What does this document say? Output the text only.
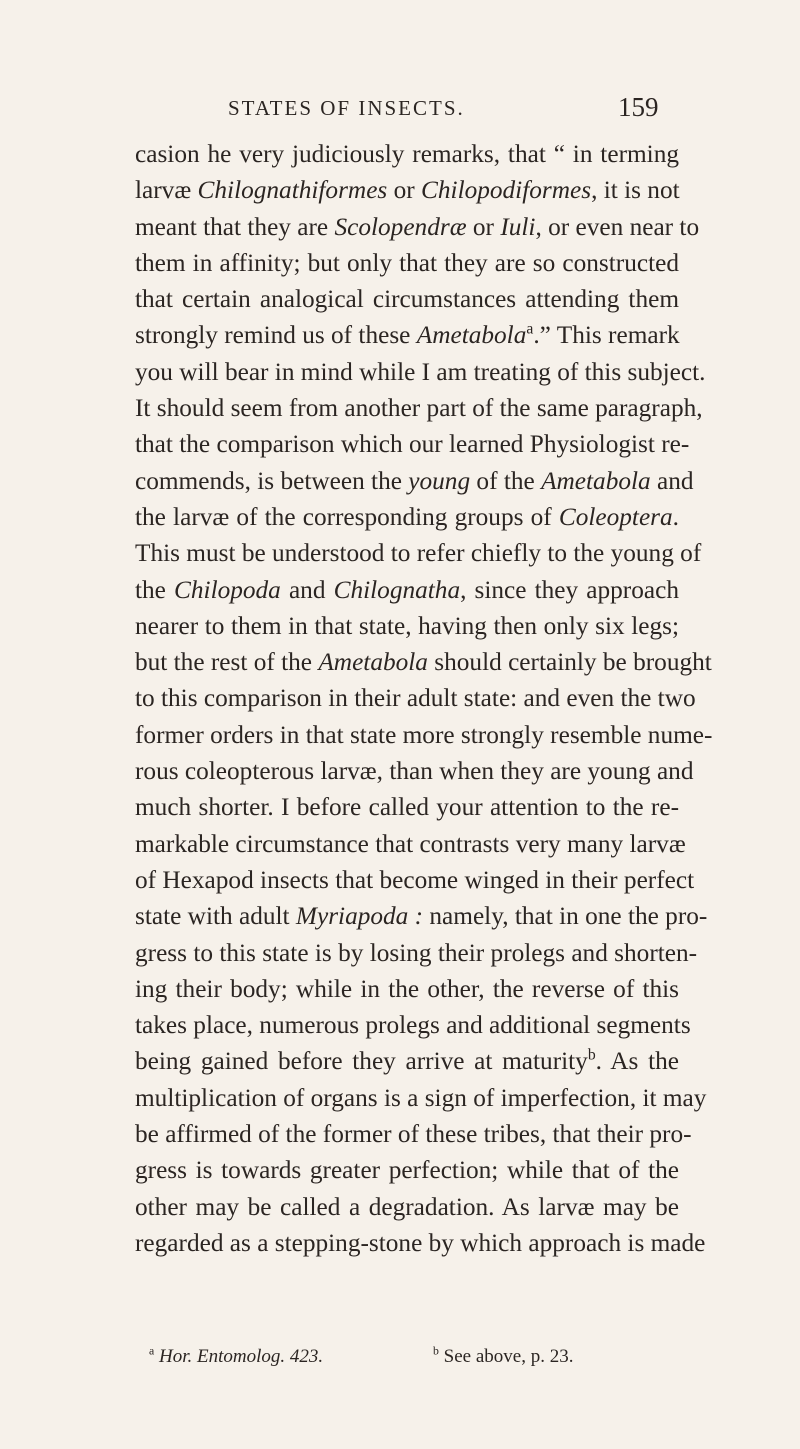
STATES OF INSECTS.	159
casion he very judiciously remarks, that “ in terming
larvæ Chilognathiformes or Chilopodiformes, it is not
meant that they are Scolopendræ or Iuli, or even near to
them in affinity; but only that they are so constructed
that certain analogical circumstances attending them
strongly remind us of these Ametabola$^a$.” This remark
you will bear in mind while I am treating of this subject.
It should seem from another part of the same paragraph,
that the comparison which our learned Physiologist re-
commends, is between the young of the Ametabola and
the larvæ of the corresponding groups of Coleoptera.
This must be understood to refer chiefly to the young of
the Chilopoda and Chilognatha, since they approach
nearer to them in that state, having then only six legs;
but the rest of the Ametabola should certainly be brought
to this comparison in their adult state: and even the two
former orders in that state more strongly resemble nume-
rous coleopterous larvæ, than when they are young and
much shorter. I before called your attention to the re-
markable circumstance that contrasts very many larvæ
of Hexapod insects that become winged in their perfect
state with adult Myriapoda : namely, that in one the pro-
gress to this state is by losing their prolegs and shorten-
ing their body; while in the other, the reverse of this
takes place, numerous prolegs and additional segments
being gained before they arrive at maturity$^b$. As the
multiplication of organs is a sign of imperfection, it may
be affirmed of the former of these tribes, that their pro-
gress is towards greater perfection; while that of the
other may be called a degradation. As larvæ may be
regarded as a stepping-stone by which approach is made
$^a$ Hor. Entomolog. 423.	$^b$ See above, p. 23.
